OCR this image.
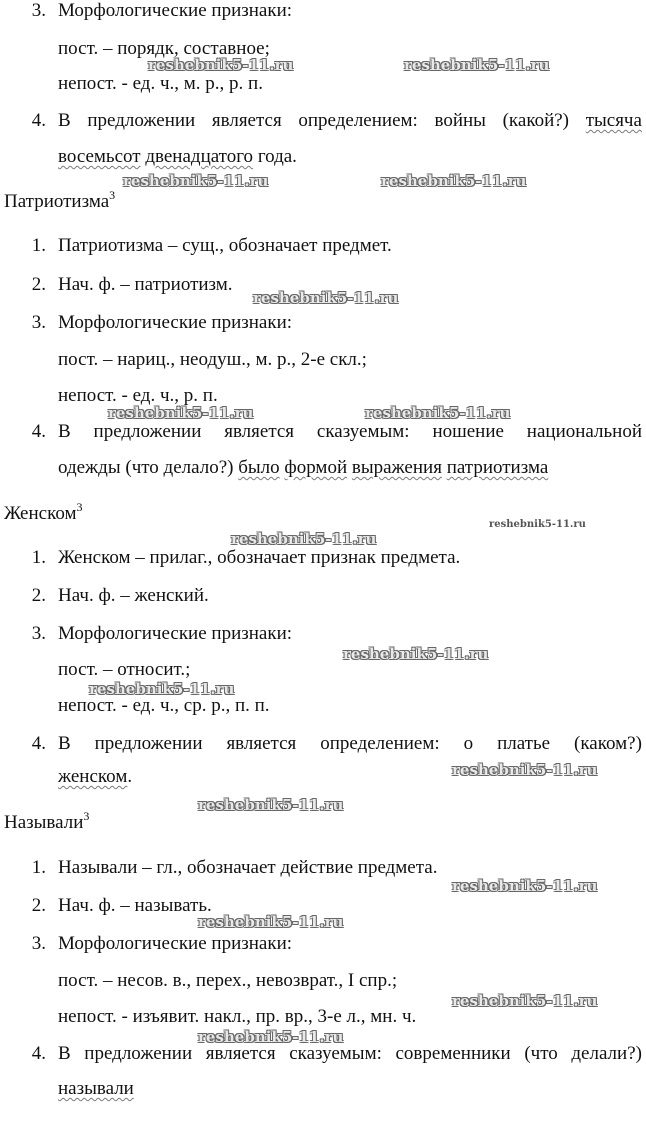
3. Морфологические признаки:
пост. – порядк, составное;
непост. - ед. ч., м. р., р. п.
4. В предложении является определением: войны (какой?) тысяча
восемьсот двенадцатого года.
Патриотизма$^3$
1. Патриотизма – сущ., обозначает предмет.
2. Нач. ф. – патриотизм.
3. Морфологические признаки:
пост. – нариц., неодуш., м. р., 2-е скл.;
непост. - ед. ч., р. п.
4. В предложении является сказуемым: ношение национальной
одежды (что делало?) было формой выражения патриотизма
Женском$^3$
1. Женском – прилаг., обозначает признак предмета.
2. Нач. ф. – женский.
3. Морфологические признаки:
пост. – относит.;
непост. - ед. ч., ср. р., п. п.
4. В предложении является определением: о платье (каком?)
женском.
Называли$^3$
1. Называли – гл., обозначает действие предмета.
2. Нач. ф. – называть.
3. Морфологические признаки:
пост. – несов. в., перех., невозврат., I спр.;
непост. - изъявит. накл., пр. вр., 3-е л., мн. ч.
4. В предложении является сказуемым: современники (что делали?)
называли
reshebnik5-11.ru	reshebnik5-11.ru
reshebnik5-11.ru	reshebnik5-11.ru
reshebnik5-11.ru
reshebnik5-11.ru	reshebnik5-11.ru
reshebnik5-11.ru
reshebnik5-11.ru
reshebnik5-11.ru
reshebnik5-11.ru
reshebnik5-11.ru
reshebnik5-11.ru
reshebnik5-11.ru
reshebnik5-11.ru
reshebnik5-11.ru
reshebnik5-11.ru
